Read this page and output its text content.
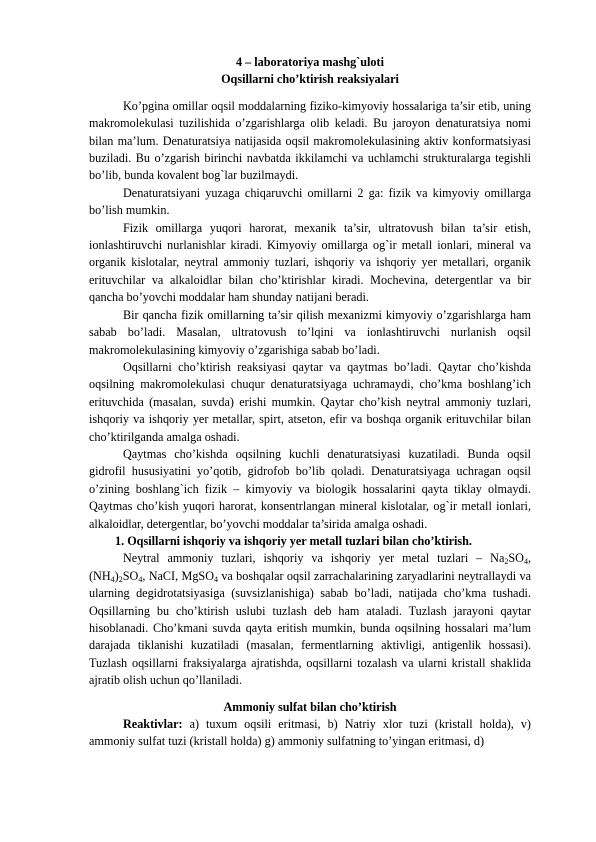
4 – laboratoriya mashg`uloti
Oqsillarni cho’ktirish reaksiyalari

Ko’pgina omillar oqsil moddalarning fiziko-kimyoviy hossalariga ta’sir etib, uning makromolekulasi tuzilishida o’zgarishlarga olib keladi. Bu jaroyon denaturatsiya nomi bilan ma’lum. Denaturatsiya natijasida oqsil makromolekulasining aktiv konformatsiyasi buziladi. Bu o’zgarish birinchi navbatda ikkilamchi va uchlamchi strukturalarga tegishli bo’lib, bunda kovalent bog`lar buzilmaydi.

Denaturatsiyani yuzaga chiqaruvchi omillarni 2 ga: fizik va kimyoviy omillarga bo’lish mumkin.

Fizik omillarga yuqori harorat, mexanik ta’sir, ultratovush bilan ta’sir etish, ionlashtiruvchi nurlanishlar kiradi. Kimyoviy omillarga og`ir metall ionlari, mineral va organik kislotalar, neytral ammoniy tuzlari, ishqoriy va ishqoriy yer metallari, organik erituvchilar va alkaloidlar bilan cho’ktirishlar kiradi. Mochevina, detergentlar va bir qancha bo’yovchi moddalar ham shunday natijani beradi.

Bir qancha fizik omillarning ta’sir qilish mexanizmi kimyoviy o’zgarishlarga ham sabab bo’ladi. Masalan, ultratovush to’lqini va ionlashtiruvchi nurlanish oqsil makromolekulasining kimyoviy o’zgarishiga sabab bo’ladi.

Oqsillarni cho’ktirish reaksiyasi qaytar va qaytmas bo’ladi. Qaytar cho’kishda oqsilning makromolekulasi chuqur denaturatsiyaga uchramaydi, cho’kma boshlang’ich erituvchida (masalan, suvda) erishi mumkin. Qaytar cho’kish neytral ammoniy tuzlari, ishqoriy va ishqoriy yer metallar, spirt, atseton, efir va boshqa organik erituvchilar bilan cho’ktirilganda amalga oshadi.

Qaytmas cho’kishda oqsilning kuchli denaturatsiyasi kuzatiladi. Bunda oqsil gidrofil hususiyatini yo’qotib, gidrofob bo’lib qoladi. Denaturatsiyaga uchragan oqsil o’zining boshlang`ich fizik – kimyoviy va biologik hossalarini qayta tiklay olmaydi. Qaytmas cho’kish yuqori harorat, konsentrlangan mineral kislotalar, og`ir metall ionlari, alkaloidlar, detergentlar, bo’yovchi moddalar ta’sirida amalga oshadi.

1. Oqsillarni ishqoriy va ishqoriy yer metall tuzlari bilan cho’ktirish.

Neytral ammoniy tuzlari, ishqoriy va ishqoriy yer metal tuzlari – $Na_2SO_4$, $(NH_4)_2SO_4$, NaCI, MgSO$_4$ va boshqalar oqsil zarrachalarining zaryadlarini neytrallaydi va ularning degidrotatsiyasiga (suvsizlanishiga) sabab bo’ladi, natijada cho’kma tushadi. Oqsillarning bu cho’ktirish uslubi tuzlash deb ham ataladi. Tuzlash jarayoni qaytar hisoblanadi. Cho’kmani suvda qayta eritish mumkin, bunda oqsilning hossalari ma’lum darajada tiklanishi kuzatiladi (masalan, fermentlarning aktivligi, antigenlik hossasi). Tuzlash oqsillarni fraksiyalarga ajratishda, oqsillarni tozalash va ularni kristall shaklida ajratib olish uchun qo’llaniladi.

Ammoniy sulfat bilan cho’ktirish

Reaktivlar: a) tuxum oqsili eritmasi, b) Natriy xlor tuzi (kristall holda), v) ammoniy sulfat tuzi (kristall holda) g) ammoniy sulfatning to’yingan eritmasi, d)
